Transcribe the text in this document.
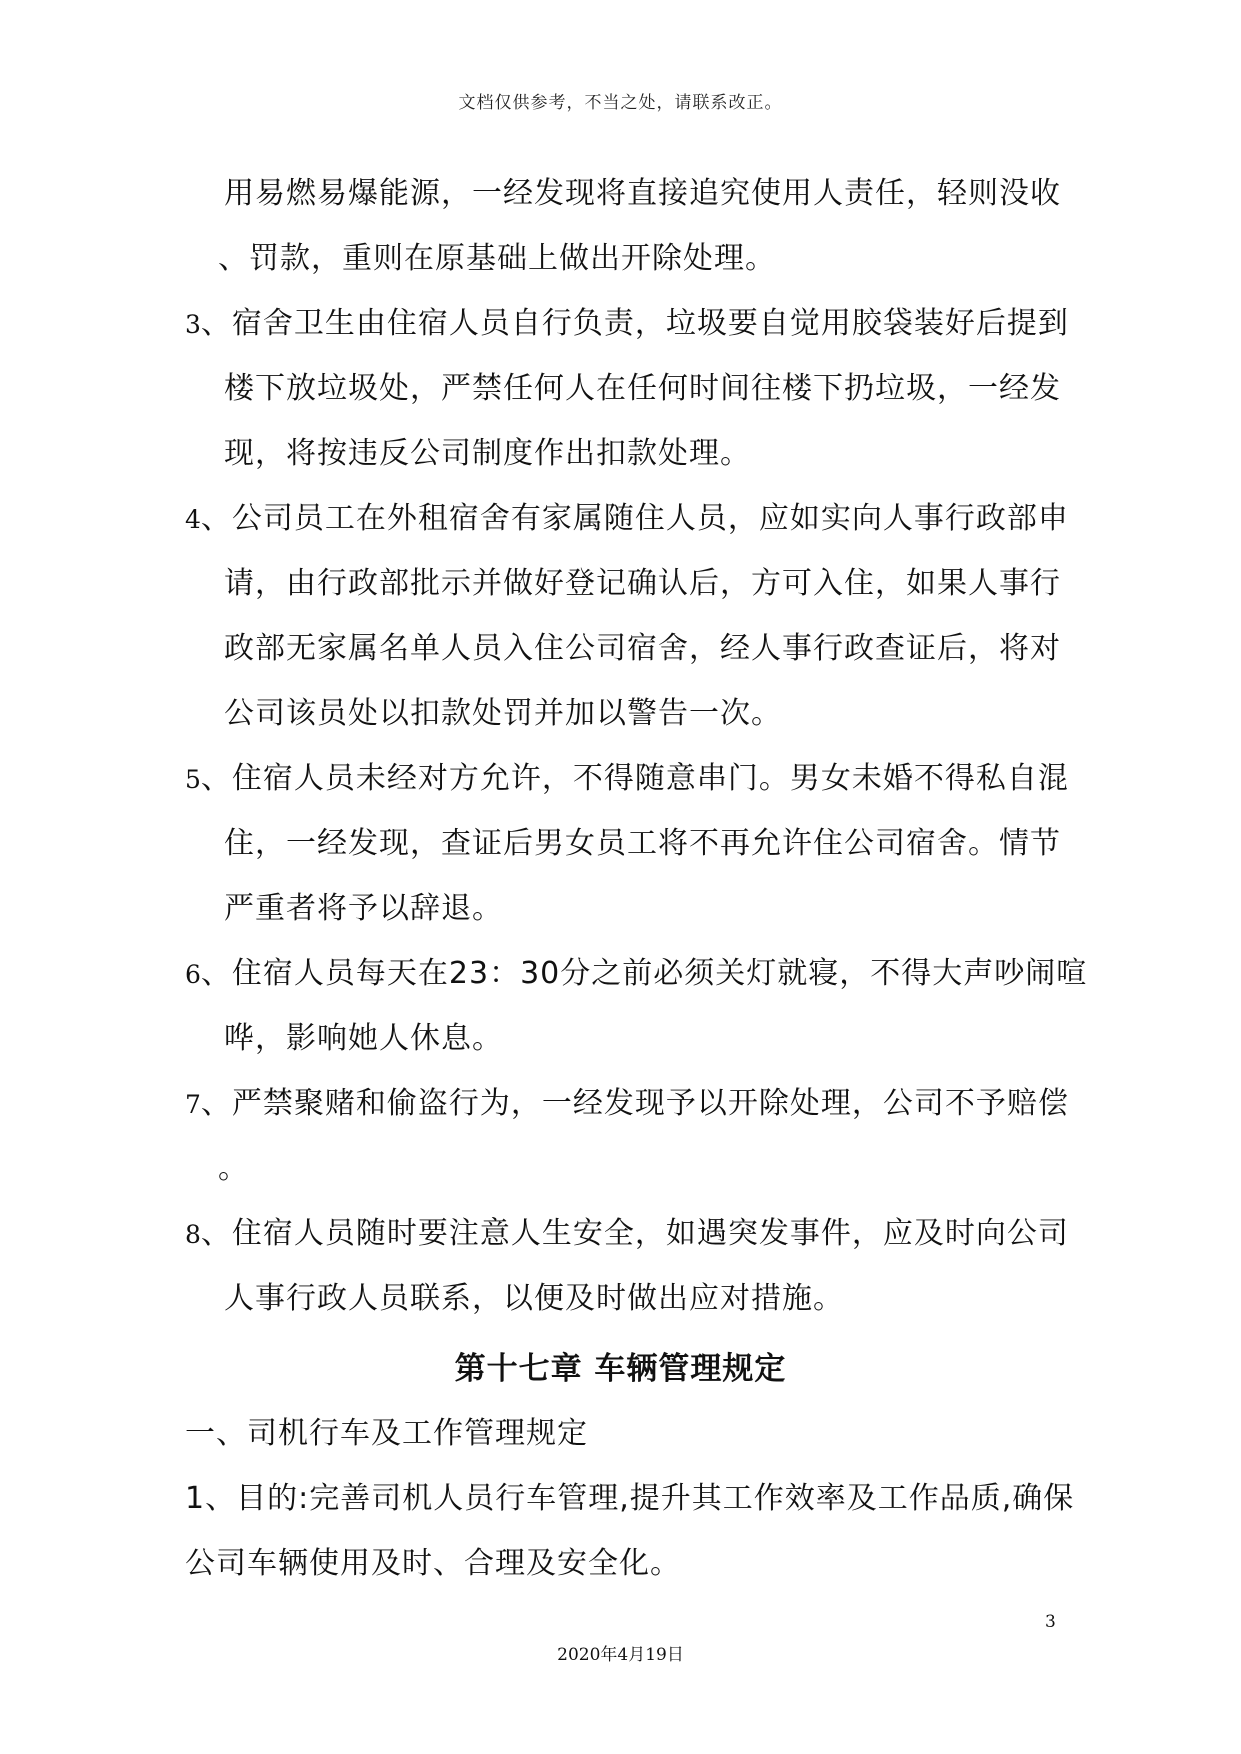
文档仅供参考，不当之处，请联系改正。
用易燃易爆能源，一经发现将直接追究使用人责任，轻则没收
、罚款，重则在原基础上做出开除处理。
3、宿舍卫生由住宿人员自行负责，垃圾要自觉用胶袋装好后提到
楼下放垃圾处，严禁任何人在任何时间往楼下扔垃圾，一经发
现，将按违反公司制度作出扣款处理。
4、公司员工在外租宿舍有家属随住人员，应如实向人事行政部申
请，由行政部批示并做好登记确认后，方可入住，如果人事行
政部无家属名单人员入住公司宿舍，经人事行政查证后，将对
公司该员处以扣款处罚并加以警告一次。
5、住宿人员未经对方允许，不得随意串门。男女未婚不得私自混
住，一经发现，查证后男女员工将不再允许住公司宿舍。情节
严重者将予以辞退。
6、住宿人员每天在23：30分之前必须关灯就寝，不得大声吵闹喧
哗，影响她人休息。
7、严禁聚赌和偷盗行为，一经发现予以开除处理，公司不予赔偿
。
8、住宿人员随时要注意人生安全，如遇突发事件，应及时向公司
人事行政人员联系，以便及时做出应对措施。
第十七章 车辆管理规定
一、司机行车及工作管理规定
1、目的:完善司机人员行车管理,提升其工作效率及工作品质,确保
公司车辆使用及时、合理及安全化。
3
2020年4月19日
